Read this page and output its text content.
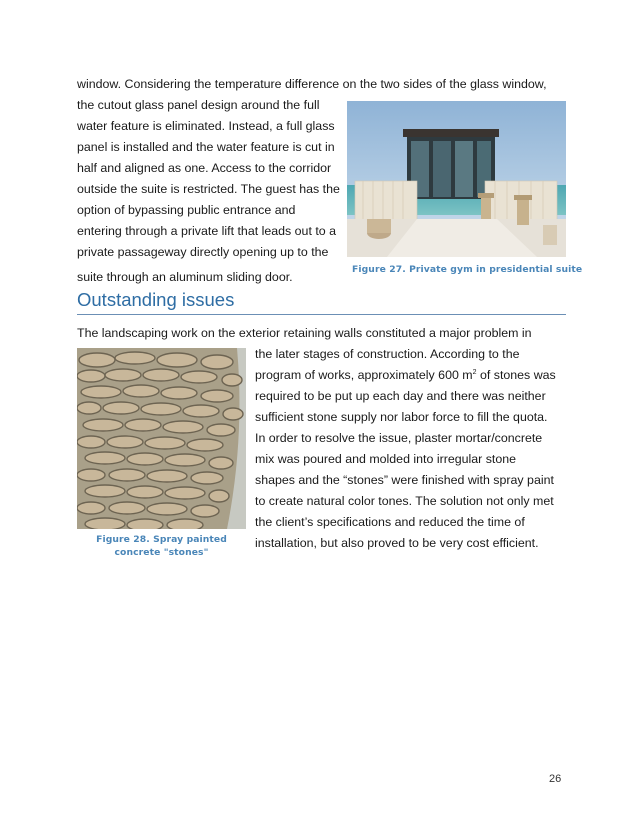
window. Considering the temperature difference on the two sides of the glass window,
the cutout glass panel design around the full
water feature is eliminated. Instead, a full glass
panel is installed and the water feature is cut in
half and aligned as one. Access to the corridor
outside the suite is restricted. The guest has the
option of bypassing public entrance and
entering through a private lift that leads out to a
private passageway directly opening up to the
suite through an aluminum sliding door.
Figure 27. Private gym in presidential suite
Outstanding issues
The landscaping work on the exterior retaining walls constituted a major problem in
the later stages of construction. According to the
program of works, approximately 600 $m^2$ of stones was
required to be put up each day and there was neither
sufficient stone supply nor labor force to fill the quota.
In order to resolve the issue, plaster mortar/concrete
mix was poured and molded into irregular stone
shapes and the “stones” were finished with spray paint
to create natural color tones. The solution not only met
the client’s specifications and reduced the time of
installation, but also proved to be very cost efficient.
Figure 28. Spray painted
concrete "stones"
26
